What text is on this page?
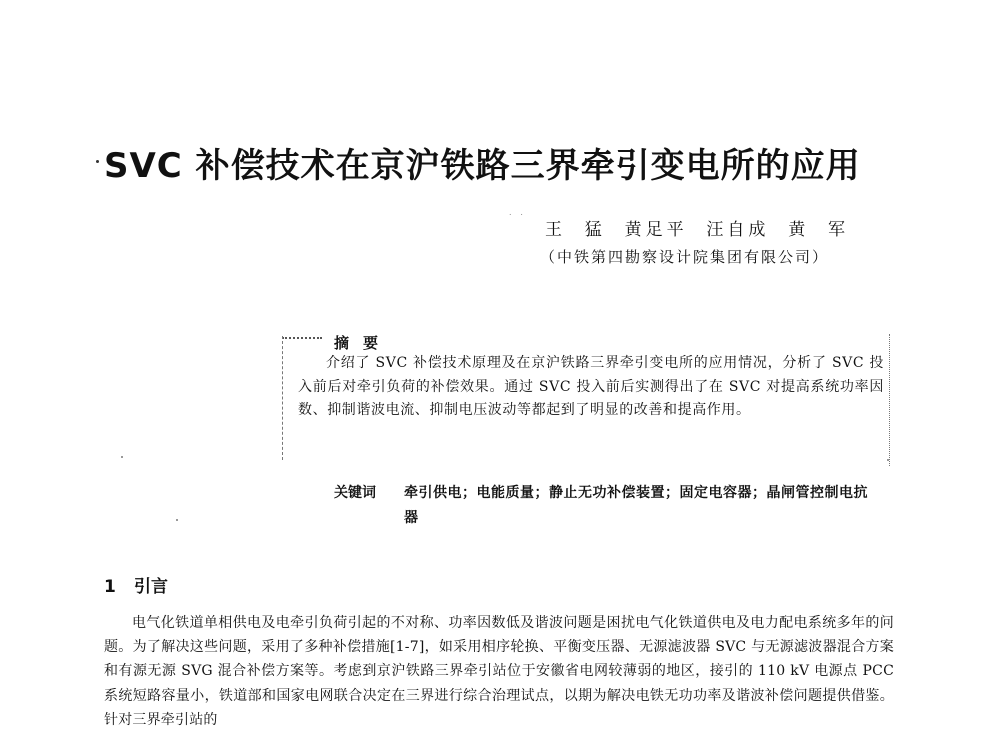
SVC 补偿技术在京沪铁路三界牵引变电所的应用
˙ ˙
王  猛  黄足平  汪自成  黄  军
（中铁第四勘察设计院集团有限公司）
摘要
介绍了 SVC 补偿技术原理及在京沪铁路三界牵引变电所的应用情况，分析了 SVC 投入前后对牵引负荷的补偿效果。通过 SVC 投入前后实测得出了在 SVC 对提高系统功率因数、抑制谐波电流、抑制电压波动等都起到了明显的改善和提高作用。
关键词 牵引供电；电能质量；静止无功补偿装置；固定电容器；晶闸管控制电抗器
1 引言
电气化铁道单相供电及电牵引负荷引起的不对称、功率因数低及谐波问题是困扰电气化铁道供电及电力配电系统多年的问题。为了解决这些问题，采用了多种补偿措施[1-7]，如采用相序轮换、平衡变压器、无源滤波器 SVC 与无源滤波器混合方案和有源无源 SVG 混合补偿方案等。考虑到京沪铁路三界牵引站位于安徽省电网较薄弱的地区，接引的 110 kV 电源点 PCC 系统短路容量小，铁道部和国家电网联合决定在三界进行综合治理试点，以期为解决电铁无功功率及谐波补偿问题提供借鉴。针对三界牵引站的
